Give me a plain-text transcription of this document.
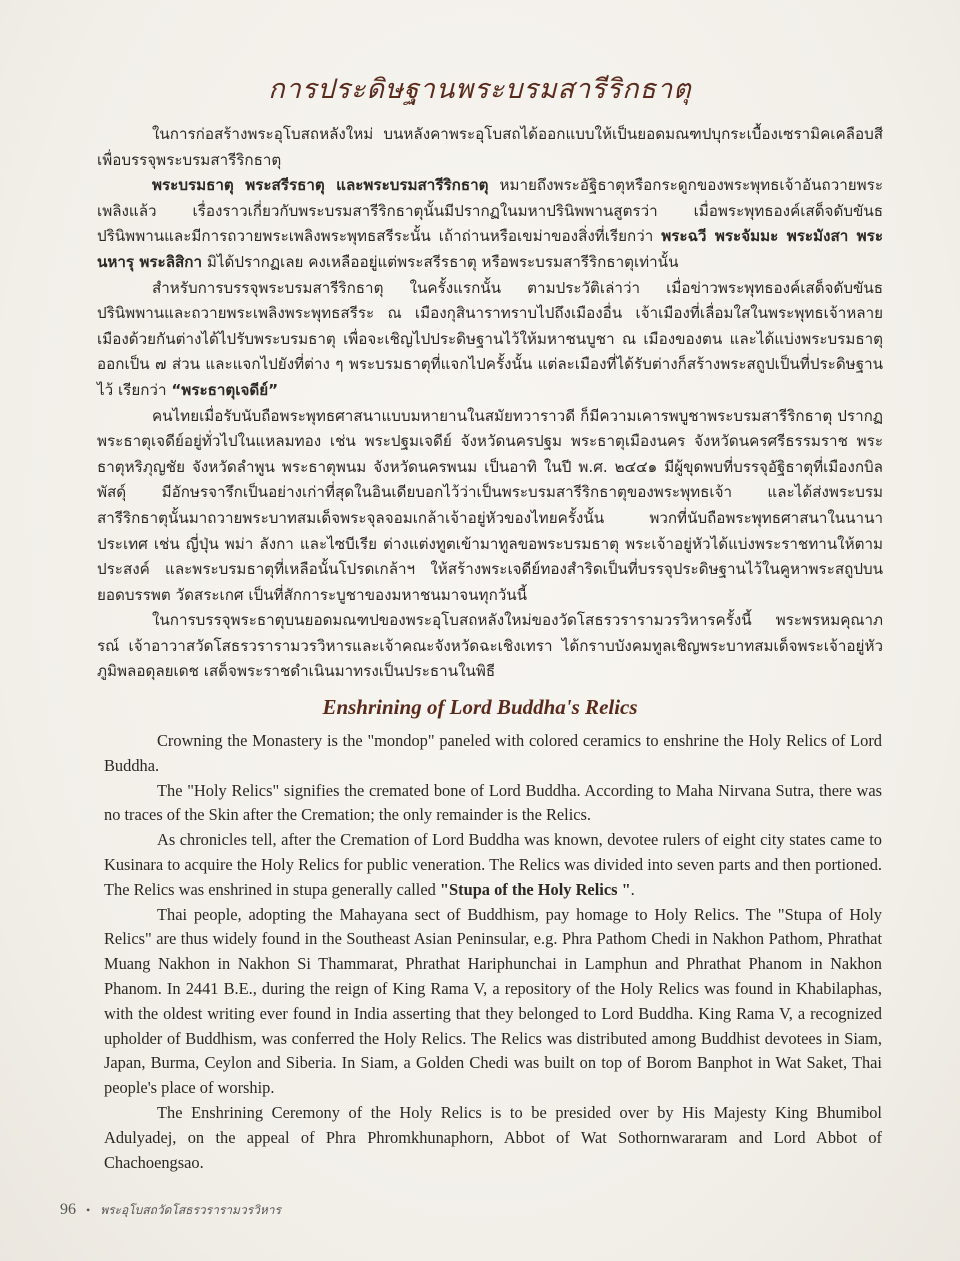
การประดิษฐานพระบรมสารีริกธาตุ

ในการก่อสร้างพระอุโบสถหลังใหม่ บนหลังคาพระอุโบสถได้ออกแบบให้เป็นยอดมณฑปบุกระเบื้องเซรามิคเคลือบสี เพื่อบรรจุพระบรมสารีริกธาตุ

พระบรมธาตุ พระสรีรธาตุ และพระบรมสารีริกธาตุ หมายถึงพระอัฐิธาตุหรือกระดูกของพระพุทธเจ้าอันถวายพระเพลิงแล้ว เรื่องราวเกี่ยวกับพระบรมสารีริกธาตุนั้นมีปรากฏในมหาปรินิพพานสูตรว่า เมื่อพระพุทธองค์เสด็จดับขันธปรินิพพานและมีการถวายพระเพลิงพระพุทธสรีระนั้น เถ้าถ่านหรือเขม่าของสิ่งที่เรียกว่า พระฉวี พระจัมมะ พระมังสา พระนหารุ พระลิสิกา มิได้ปรากฏเลย คงเหลืออยู่แต่พระสรีรธาตุ หรือพระบรมสารีริกธาตุเท่านั้น

สำหรับการบรรจุพระบรมสารีริกธาตุ ในครั้งแรกนั้น ตามประวัติเล่าว่า เมื่อข่าวพระพุทธองค์เสด็จดับขันธปรินิพพานและถวายพระเพลิงพระพุทธสรีระ ณ เมืองกุสินาราทราบไปถึงเมืองอื่น เจ้าเมืองที่เลื่อมใสในพระพุทธเจ้าหลายเมืองด้วยกันต่างได้ไปรับพระบรมธาตุ เพื่อจะเชิญไปประดิษฐานไว้ให้มหาชนบูชา ณ เมืองของตน และได้แบ่งพระบรมธาตุออกเป็น ๗ ส่วน และแจกไปยังที่ต่าง ๆ พระบรมธาตุที่แจกไปครั้งนั้น แต่ละเมืองที่ได้รับต่างก็สร้างพระสถูปเป็นที่ประดิษฐานไว้ เรียกว่า “พระธาตุเจดีย์”

คนไทยเมื่อรับนับถือพระพุทธศาสนาแบบมหายานในสมัยทวาราวดี ก็มีความเคารพบูชาพระบรมสารีริกธาตุ ปรากฏพระธาตุเจดีย์อยู่ทั่วไปในแหลมทอง เช่น พระปฐมเจดีย์ จังหวัดนครปฐม พระธาตุเมืองนคร จังหวัดนครศรีธรรมราช พระธาตุหริภุญชัย จังหวัดลำพูน พระธาตุพนม จังหวัดนครพนม เป็นอาทิ ในปี พ.ศ. ๒๔๔๑ มีผู้ขุดพบที่บรรจุอัฐิธาตุที่เมืองกบิลพัสดุ์ มีอักษรจารึกเป็นอย่างเก่าที่สุดในอินเดียบอกไว้ว่าเป็นพระบรมสารีริกธาตุของพระพุทธเจ้า และได้ส่งพระบรมสารีริกธาตุนั้นมาถวายพระบาทสมเด็จพระจุลจอมเกล้าเจ้าอยู่หัวของไทยครั้งนั้น พวกที่นับถือพระพุทธศาสนาในนานาประเทศ เช่น ญี่ปุ่น พม่า ลังกา และไซบีเรีย ต่างแต่งทูตเข้ามาทูลขอพระบรมธาตุ พระเจ้าอยู่หัวได้แบ่งพระราชทานให้ตามประสงค์ และพระบรมธาตุที่เหลือนั้นโปรดเกล้าฯ ให้สร้างพระเจดีย์ทองสำริดเป็นที่บรรจุประดิษฐานไว้ในคูหาพระสถูปบนยอดบรรพต วัดสระเกศ เป็นที่สักการะบูชาของมหาชนมาจนทุกวันนี้

ในการบรรจุพระธาตุบนยอดมณฑปของพระอุโบสถหลังใหม่ของวัดโสธรวรารามวรวิหารครั้งนี้ พระพรหมคุณาภรณ์ เจ้าอาวาสวัดโสธรวรารามวรวิหารและเจ้าคณะจังหวัดฉะเชิงเทรา ได้กราบบังคมทูลเชิญพระบาทสมเด็จพระเจ้าอยู่หัวภูมิพลอดุลยเดช เสด็จพระราชดำเนินมาทรงเป็นประธานในพิธี

Enshrining of Lord Buddha's Relics

Crowning the Monastery is the "mondop" paneled with colored ceramics to enshrine the Holy Relics of Lord Buddha.

The "Holy Relics" signifies the cremated bone of Lord Buddha. According to Maha Nirvana Sutra, there was no traces of the Skin after the Cremation; the only remainder is the Relics.

As chronicles tell, after the Cremation of Lord Buddha was known, devotee rulers of eight city states came to Kusinara to acquire the Holy Relics for public veneration. The Relics was divided into seven parts and then portioned. The Relics was enshrined in stupa generally called "Stupa of the Holy Relics ".

Thai people, adopting the Mahayana sect of Buddhism, pay homage to Holy Relics. The "Stupa of Holy Relics" are thus widely found in the Southeast Asian Peninsular, e.g. Phra Pathom Chedi in Nakhon Pathom, Phrathat Muang Nakhon in Nakhon Si Thammarat, Phrathat Hariphunchai in Lamphun and Phrathat Phanom in Nakhon Phanom. In 2441 B.E., during the reign of King Rama V, a repository of the Holy Relics was found in Khabilaphas, with the oldest writing ever found in India asserting that they belonged to Lord Buddha. King Rama V, a recognized upholder of Buddhism, was conferred the Holy Relics. The Relics was distributed among Buddhist devotees in Siam, Japan, Burma, Ceylon and Siberia. In Siam, a Golden Chedi was built on top of Borom Banphot in Wat Saket, Thai people's place of worship.

The Enshrining Ceremony of the Holy Relics is to be presided over by His Majesty King Bhumibol Adulyadej, on the appeal of Phra Phromkhunaphorn, Abbot of Wat Sothornwararam and Lord Abbot of Chachoengsao.

96 • พระอุโบสถวัดโสธรวรารามวรวิหาร
